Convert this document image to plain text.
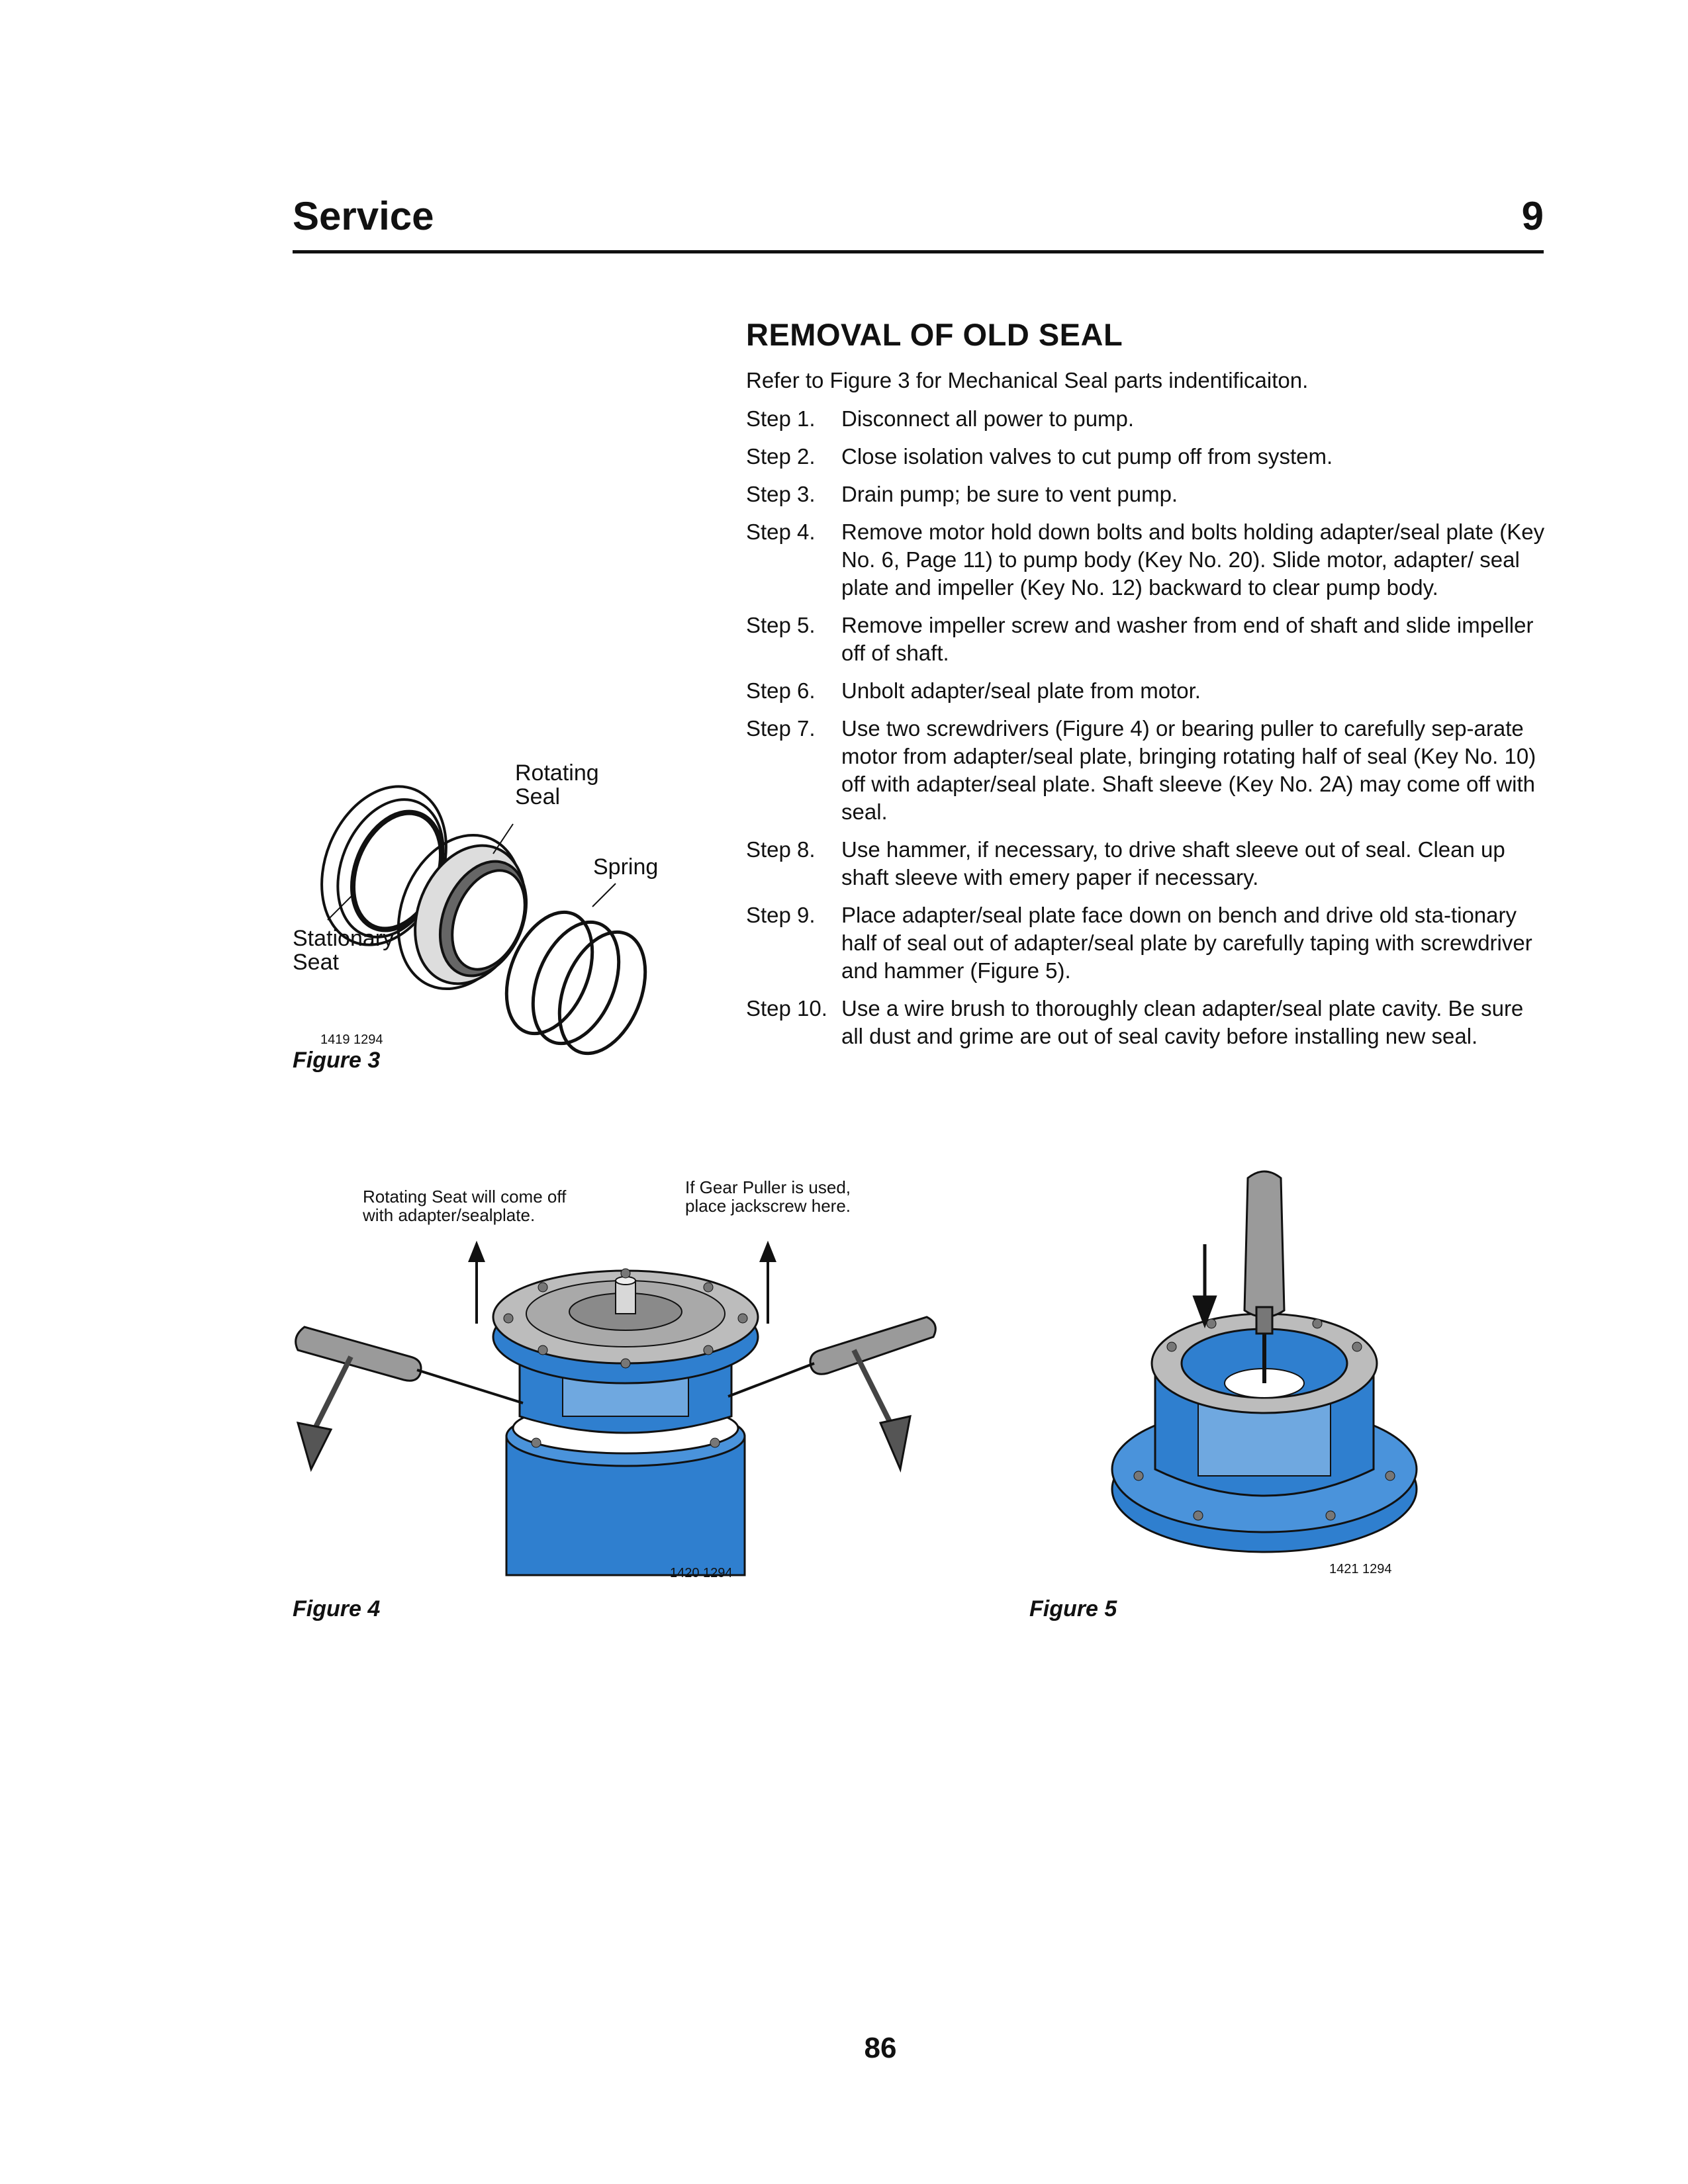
Service	9
REMOVAL OF OLD SEAL

Refer to Figure 3 for Mechanical Seal parts indentificaiton.

Step 1.	Disconnect all power to pump.
Step 2.	Close isolation valves to cut pump off from system.
Step 3.	Drain pump; be sure to vent pump.
Step 4.	Remove motor hold down bolts and bolts holding adapter/seal plate (Key No. 6, Page 11) to pump body (Key No. 20). Slide motor, adapter/ seal plate and impeller (Key No. 12) backward to clear pump body.
Step 5.	Remove impeller screw and washer from end of shaft and slide impeller off of shaft.
Step 6.	Unbolt adapter/seal plate from motor.
Step 7.	Use two screwdrivers (Figure 4) or bearing puller to carefully sep-arate motor from adapter/seal plate, bringing rotating half of seal (Key No. 10) off with adapter/seal plate. Shaft sleeve (Key No. 2A) may come off with seal.
Step 8.	Use hammer, if necessary, to drive shaft sleeve out of seal. Clean up shaft sleeve with emery paper if necessary.
Step 9.	Place adapter/seal plate face down on bench and drive old sta-tionary half of seal out of adapter/seal plate by carefully taping with screwdriver and hammer (Figure 5).
Step 10. Use a wire brush to thoroughly clean adapter/seal plate cavity. Be sure all dust and grime are out of seal cavity before installing new seal.
Rotating
Seal
Spring
Stationary
Seat
1419 1294
Figure 3
Rotating Seat will come off
with adapter/sealplate.
If Gear Puller is used,
place jackscrew here.
1420 1294
Figure 4
1421 1294
Figure 5
86
